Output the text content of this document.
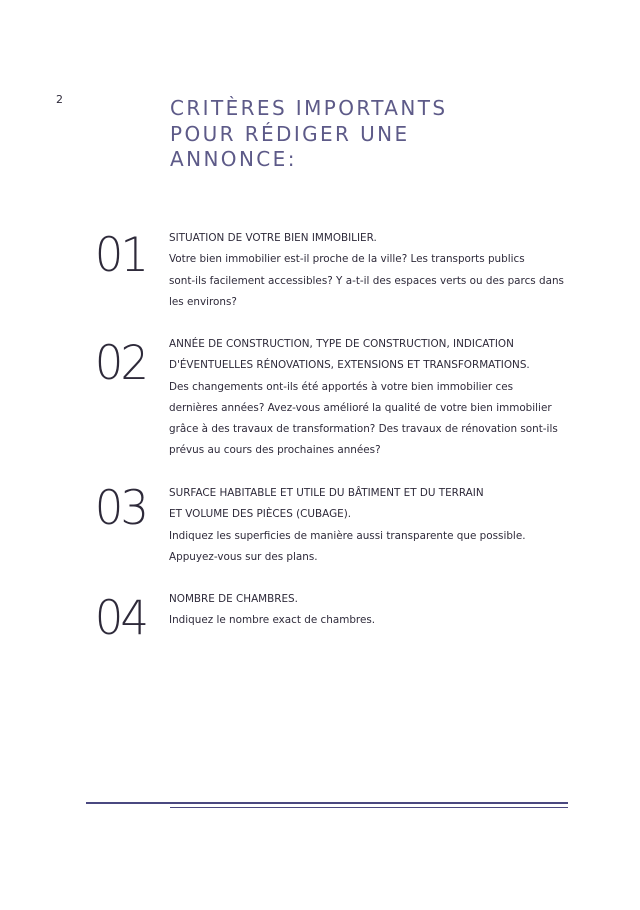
2	CRITÈRES IMPORTANTS
POUR RÉDIGER UNE
ANNONCE:
01 SITUATION DE VOTRE BIEN IMMOBILIER.

Votre bien immobilier est-il proche de la ville? Les transports publics

sont-ils facilement accessibles? Y a-t-il des espaces verts ou des parcs dans

les environs?

02 ANNÉE DE CONSTRUCTION, TYPE DE CONSTRUCTION, INDICATION

D'ÉVENTUELLES RÉNOVATIONS, EXTENSIONS ET TRANSFORMATIONS.

Des changements ont-ils été apportés à votre bien immobilier ces

dernières années? Avez-vous amélioré la qualité de votre bien immobilier

grâce à des travaux de transformation? Des travaux de rénovation sont-ils

prévus au cours des prochaines années?

03 SURFACE HABITABLE ET UTILE DU BÂTIMENT ET DU TERRAIN

ET VOLUME DES PIÈCES (CUBAGE).

Indiquez les superficies de manière aussi transparente que possible.

Appuyez-vous sur des plans.

04 NOMBRE DE CHAMBRES.

Indiquez le nombre exact de chambres.
